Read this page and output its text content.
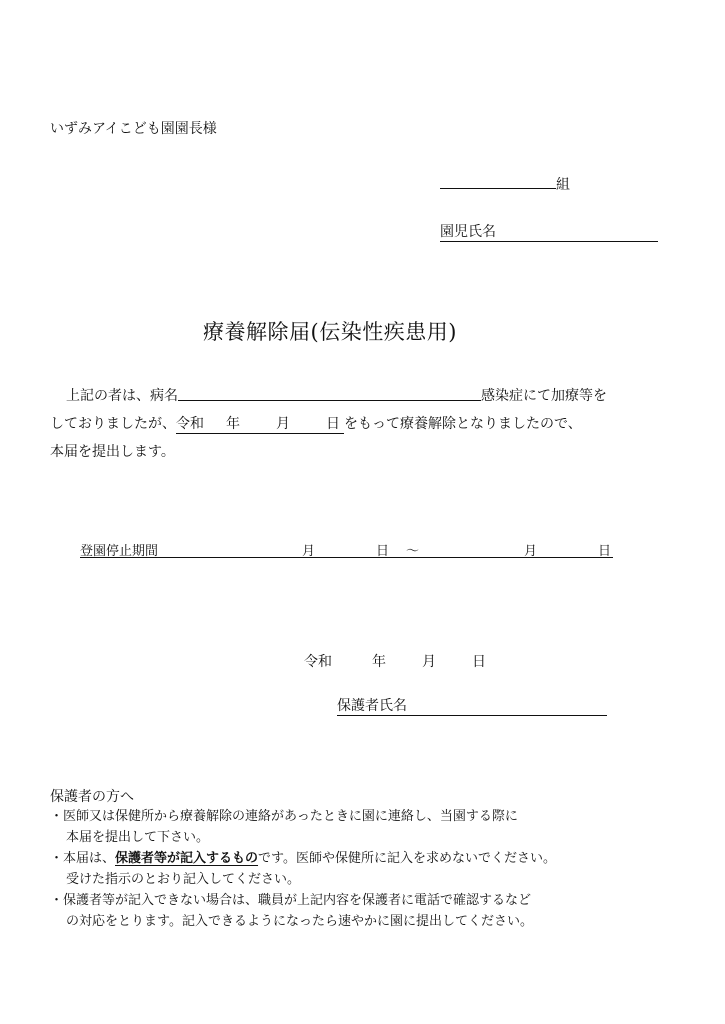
いずみアイこども園園長様
組
園児氏名
療養解除届(伝染性疾患用)
上記の者は、病名	感染症にて加療等を
しておりましたが、令和 年	月	日 をもって療養解除となりましたので、
本届を提出します。
登園停止期間	月	日 〜	月	日
令和	年	月	日
保護者氏名
保護者の方へ
・医師又は保健所から療養解除の連絡があったときに園に連絡し、当園する際に
本届を提出して下さい。
・本届は、保護者等が記入するものです。医師や保健所に記入を求めないでください。
受けた指示のとおり記入してください。
・保護者等が記入できない場合は、職員が上記内容を保護者に電話で確認するなど
の対応をとります。記入できるようになったら速やかに園に提出してください。
